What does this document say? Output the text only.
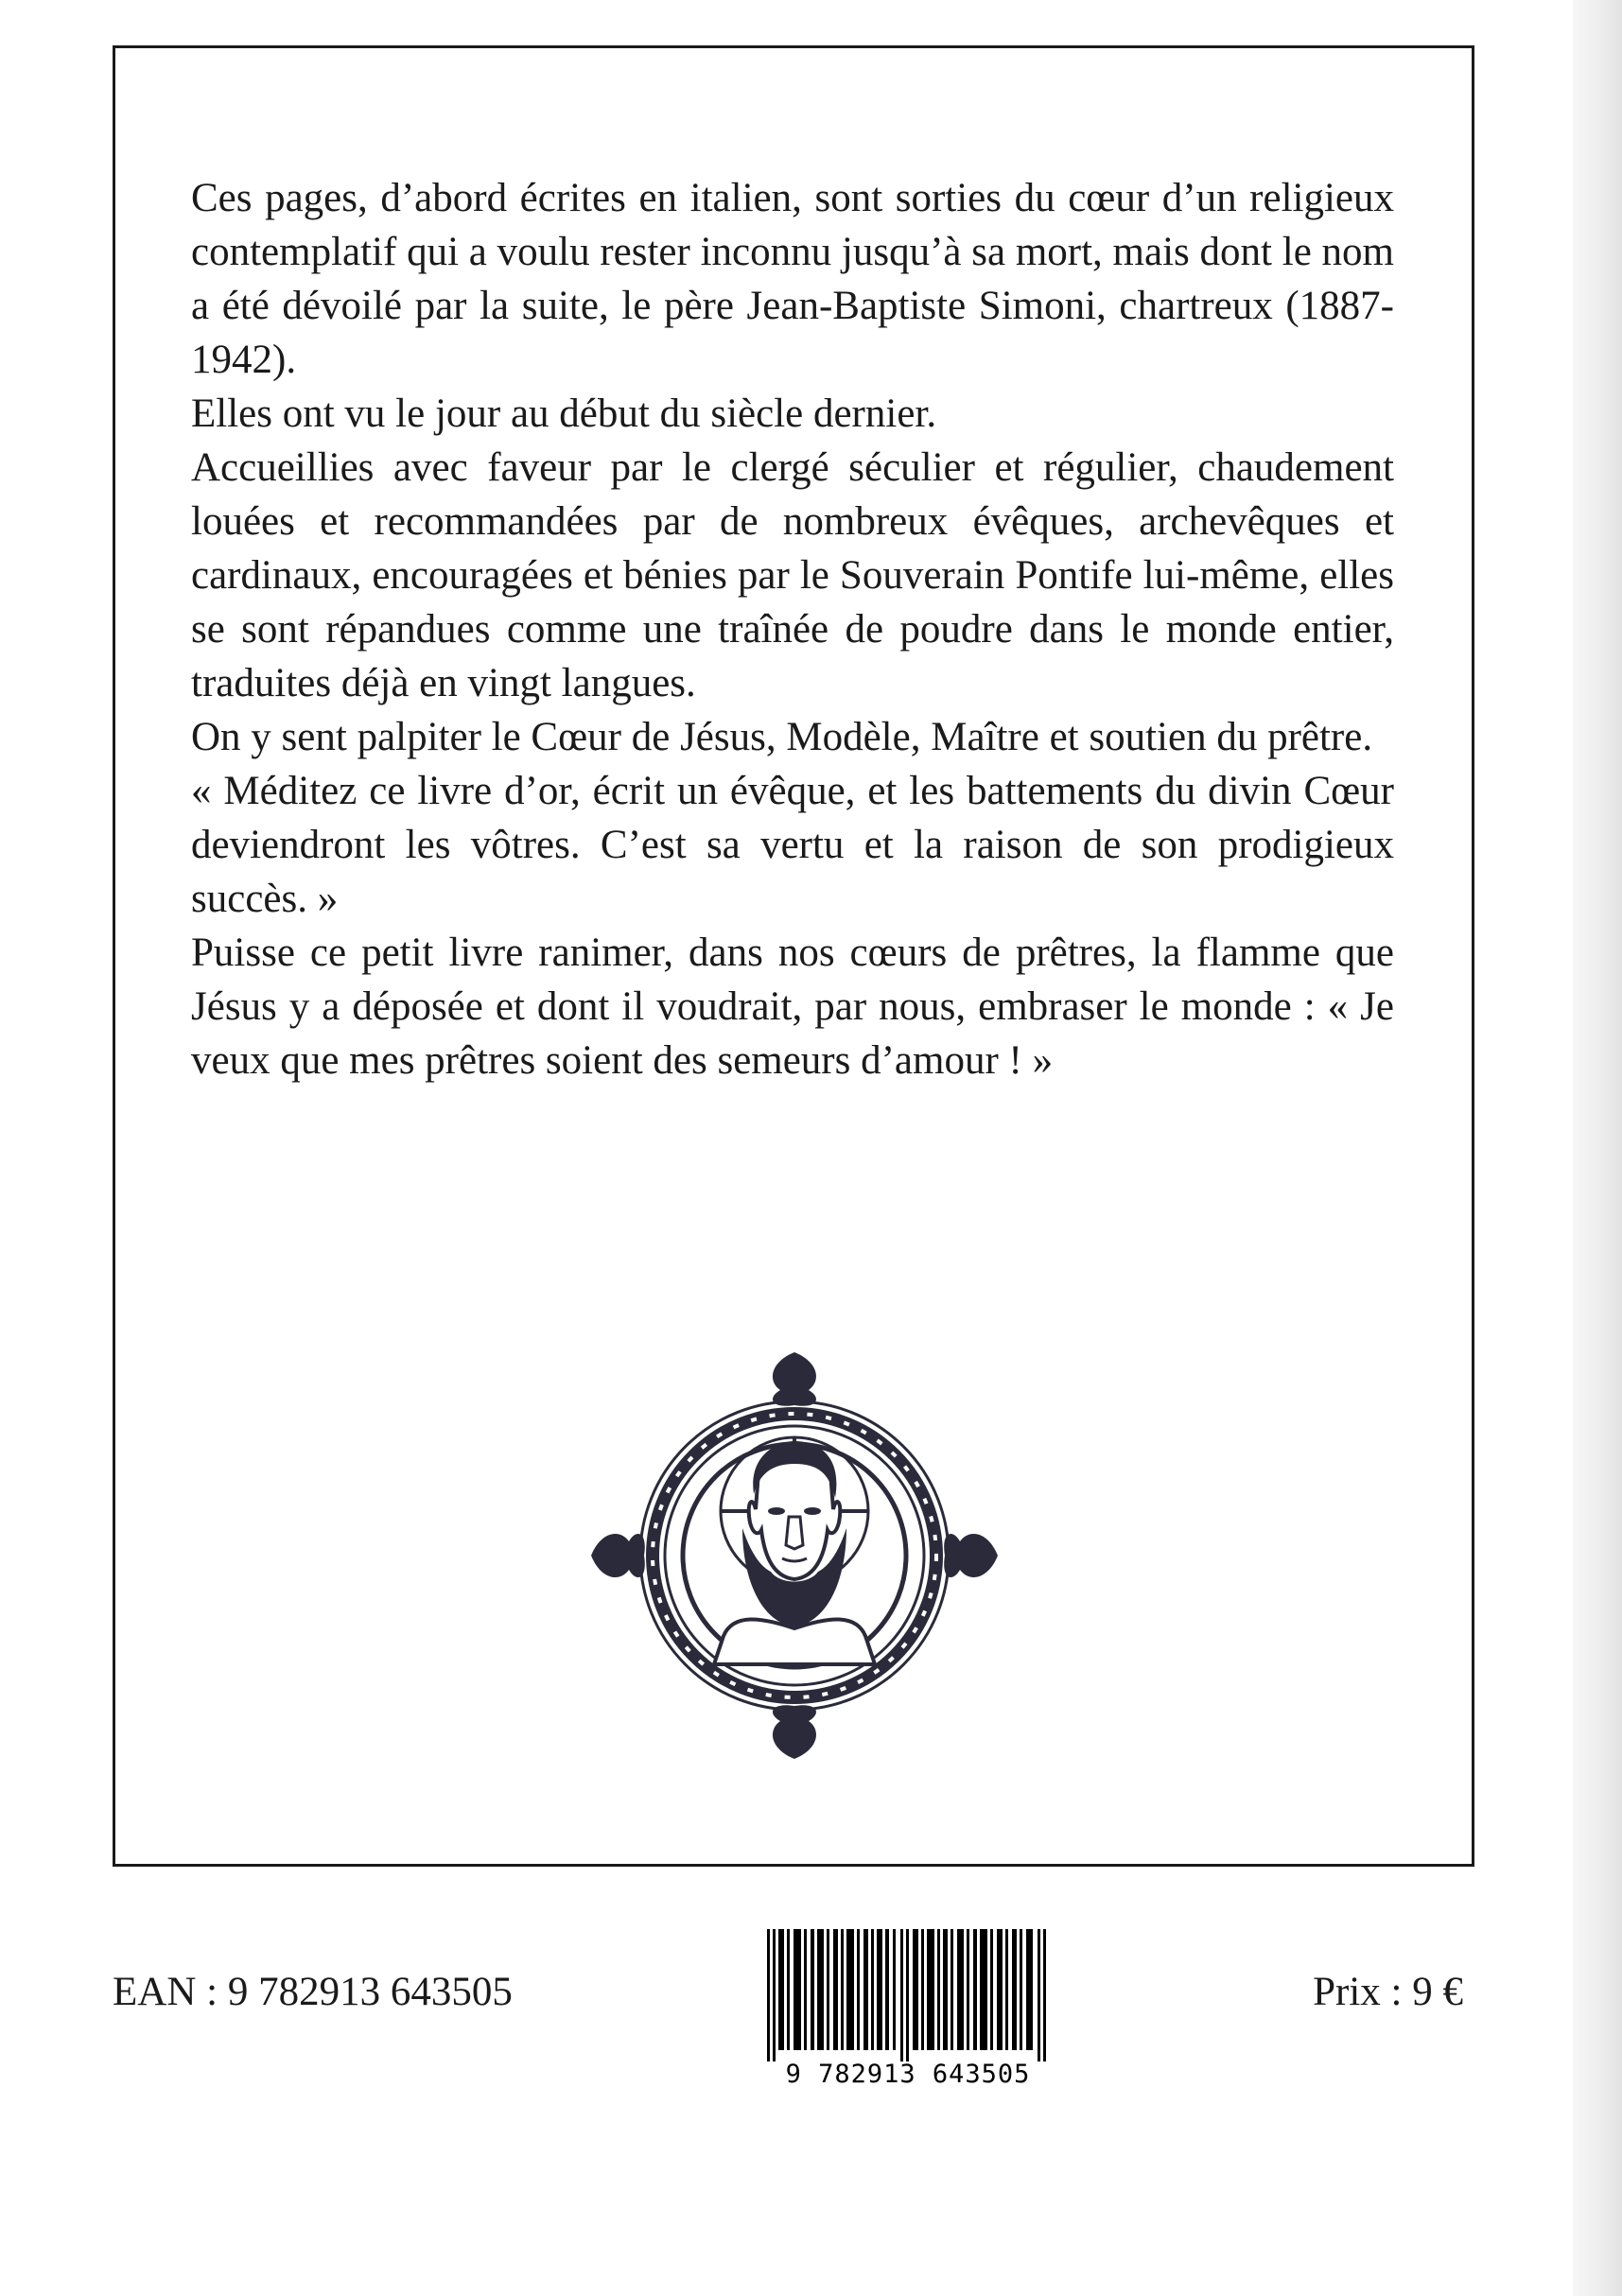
Ces pages, d’abord écrites en italien, sont sorties du cœur d’un religieux contemplatif qui a voulu rester inconnu jusqu’à sa mort, mais dont le nom a été dévoilé par la suite, le père Jean-Baptiste Simoni, chartreux (1887-1942).

Elles ont vu le jour au début du siècle dernier.

Accueillies avec faveur par le clergé séculier et régulier, chaudement louées et recommandées par de nombreux évêques, archevêques et cardinaux, encouragées et bénies par le Souverain Pontife lui-même, elles se sont répandues comme une traînée de poudre dans le monde entier, traduites déjà en vingt langues.

On y sent palpiter le Cœur de Jésus, Modèle, Maître et soutien du prêtre.

« Méditez ce livre d’or, écrit un évêque, et les battements du divin Cœur deviendront les vôtres. C’est sa vertu et la raison de son prodigieux succès. »

Puisse ce petit livre ranimer, dans nos cœurs de prêtres, la flamme que Jésus y a déposée et dont il voudrait, par nous, embraser le monde : « Je veux que mes prêtres soient des semeurs d’amour ! »

EAN : 9 782913 643505
9 782913 643505
Prix : 9 €
